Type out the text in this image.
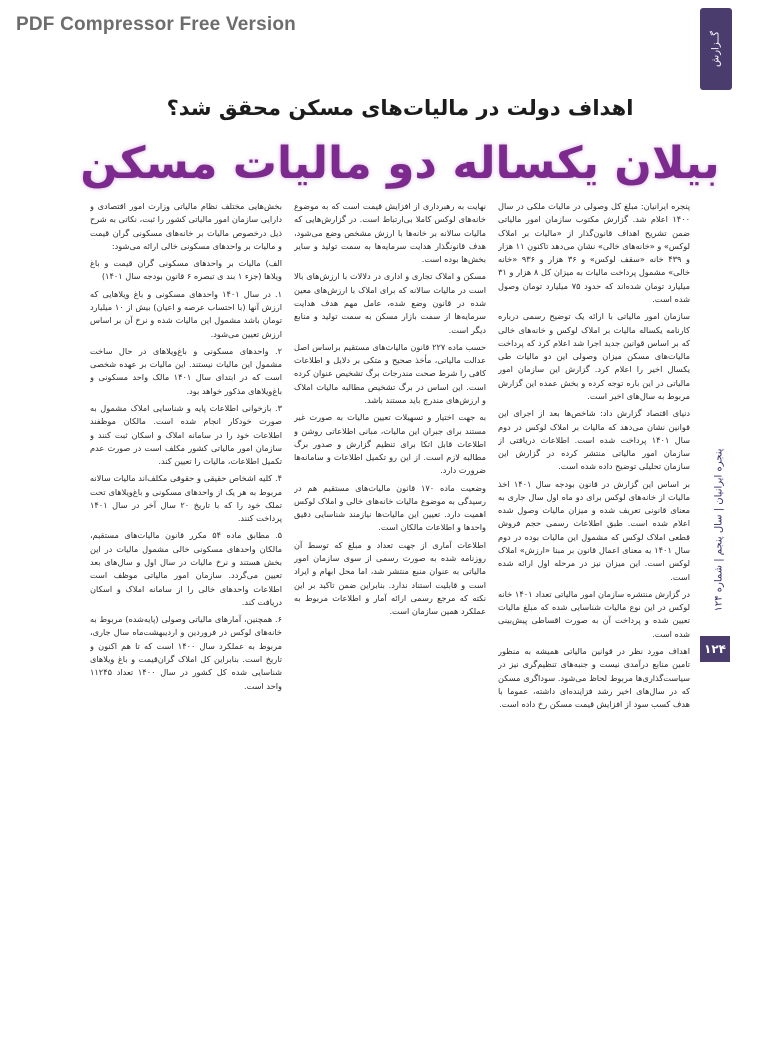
PDF Compressor Free Version
گــزارش
اهداف دولت در مالیات‌های مسکن محقق شد؟
بیلان یکساله دو مالیات مسکن
پنجره ایرانیان | سال پنجم | شماره ۱۲۴
۱۲۴

پنجره ایرانیان: مبلغ کل وصولی در مالیات ملکی در سال ۱۴۰۰ اعلام شد. گزارش مکتوب سازمان امور مالیاتی ضمن تشریح اهداف قانون‌گذار از «مالیات بر املاک لوکس» و «خانه‌های خالی» نشان می‌دهد تاکنون ۱۱ هزار و ۴۳۹ خانه «سقف لوکس» و ۳۶ هزار و ۹۳۶ «خانه خالی» مشمول پرداخت مالیات به میزان کل ۸ هزار و ۳۱ میلیارد تومان شده‌اند که حدود ۷۵ میلیارد تومان وصول شده است.

سازمان امور مالیاتی با ارائه یک توضیح رسمی درباره کارنامه یکساله مالیات بر املاک لوکس و خانه‌های خالی که بر اساس قوانین جدید اجرا شد اعلام کرد که پرداخت مالیات‌های مسکن میزان وصولی این دو مالیات طی یکسال اخیر را اعلام کرد. گزارش این سازمان امور مالیاتی در این باره توجه کرده و بخش عمده این گزارش مربوط به سال‌های اخیر است.

دنیای اقتصاد گزارش داد: شاخص‌ها بعد از اجرای این قوانین نشان می‌دهد که مالیات بر املاک لوکس در دوم سال ۱۴۰۱ پرداخت شده است. اطلاعات دریافتی از سازمان امور مالیاتی منتشر کرده در گزارش این سازمان تحلیلی توضیح داده شده است.

بر اساس این گزارش در قانون بودجه سال ۱۴۰۱ اخذ مالیات از خانه‌های لوکس برای دو ماه اول سال جاری به معنای قانونی تعریف شده و میزان مالیات وصول شده اعلام شده است. طبق اطلاعات رسمی حجم فروش قطعی املاک لوکس که مشمول این مالیات بوده در دوم سال ۱۴۰۱ به معنای اعمال قانون بر مبنا «ارزش» املاک لوکس است. این میزان نیز در مرحله اول ارائه شده است.

در گزارش منتشره سازمان امور مالیاتی تعداد ۱۴۰۱ خانه لوکس در این نوع مالیات شناسایی شده که مبلغ مالیات تعیین شده و پرداخت آن به صورت اقساطی پیش‌بینی شده است.

اهداف مورد نظر در قوانین مالیاتی همیشه به منظور تامین منابع درآمدی نیست و جنبه‌های تنظیم‌گری نیز در سیاست‌گذاری‌ها مربوط لحاظ می‌شود. سوداگری مسکن که در سال‌های اخیر رشد فزاینده‌ای داشته، عموما با هدف کسب سود از افزایش قیمت مسکن رخ داده است.

نهایت به رهبرداری از افزایش قیمت است که به موضوع خانه‌های لوکس کاملا بی‌ارتباط است. در گزارش‌هایی که مالیات سالانه بر خانه‌ها با ارزش مشخص وضع می‌شود، هدف قانونگذار هدایت سرمایه‌ها به سمت تولید و سایر بخش‌ها بوده است.

مسکن و املاک تجاری و اداری در دلالات با ارزش‌های بالا است در مالیات سالانه که برای املاک با ارزش‌های معین شده در قانون وضع شده، عامل مهم هدف هدایت سرمایه‌ها از سمت بازار مسکن به سمت تولید و منابع دیگر است.

حسب ماده ۲۲۷ قانون مالیات‌های مستقیم براساس اصل عدالت مالیاتی، مأخذ صحیح و متکی بر دلایل و اطلاعات کافی را شرط صحت مندرجات برگ تشخیص عنوان کرده است. این اساس در برگ تشخیص مطالبه مالیات املاک و ارزش‌های مندرج باید مستند باشد.

به جهت اختیار و تسهیلات تعیین مالیات به صورت غیر مستند برای جبران این مالیات، مبانی اطلاعاتی روشن و اطلاعات قابل اتکا برای تنظیم گزارش و صدور برگ مطالبه لازم است. از این رو تکمیل اطلاعات و سامانه‌ها ضرورت دارد.

وضعیت ماده ۱۷۰ قانون مالیات‌های مستقیم هم در رسیدگی به موضوع مالیات خانه‌های خالی و املاک لوکس اهمیت دارد. تعیین این مالیات‌ها نیازمند شناسایی دقیق واحدها و اطلاعات مالکان است.

اطلاعات آماری از جهت تعداد و مبلغ که توسط آن روزنامه شده به صورت رسمی از سوی سازمان امور مالیاتی به عنوان منبع منتشر شد، اما محل ابهام و ایراد است و قابلیت استناد ندارد. بنابراین ضمن تاکید بر این نکته که مرجع رسمی ارائه آمار و اطلاعات مربوط به عملکرد همین سازمان است.

بخش‌هایی مختلف نظام مالیاتی وزارت امور اقتصادی و دارایی سازمان امور مالیاتی کشور را ثبت، نکاتی به شرح ذیل درخصوص مالیات بر خانه‌های مسکونی گران قیمت و مالیات بر واحدهای مسکونی خالی ارائه می‌شود:

الف) مالیات بر واحدهای مسکونی گران قیمت و باغ ویلاها (جزء ۱ بند ی تبصره ۶ قانون بودجه سال ۱۴۰۱)

۱. در سال ۱۴۰۱ واحدهای مسکونی و باغ ویلاهایی که ارزش آنها (با احتساب عرصه و اعیان) بیش از ۱۰ میلیارد تومان باشد مشمول این مالیات شده و نرخ آن بر اساس ارزش تعیین می‌شود.

۲. واحدهای مسکونی و باغ‌ویلاهای در حال ساخت مشمول این مالیات نیستند. این مالیات بر عهده شخصی است که در ابتدای سال ۱۴۰۱ مالک واحد مسکونی و باغ‌ویلاهای مذکور خواهد بود.

۳. بازخوانی اطلاعات پایه و شناسایی املاک مشمول به صورت خودکار انجام شده است. مالکان موظفند اطلاعات خود را در سامانه املاک و اسکان ثبت کنند و سازمان امور مالیاتی کشور مکلف است در صورت عدم تکمیل اطلاعات، مالیات را تعیین کند.

۴. کلیه اشخاص حقیقی و حقوقی مکلف‌اند مالیات سالانه مربوط به هر یک از واحدهای مسکونی و باغ‌ویلاهای تحت تملک خود را که با تاریخ ۲۰ سال آخر در سال ۱۴۰۱ پرداخت کنند.

۵. مطابق ماده ۵۴ مکرر قانون مالیات‌های مستقیم، مالکان واحدهای مسکونی خالی مشمول مالیات در این بخش هستند و نرخ مالیات در سال اول و سال‌های بعد تعیین می‌گردد. سازمان امور مالیاتی موظف است اطلاعات واحدهای خالی را از سامانه املاک و اسکان دریافت کند.

۶. همچنین، آمارهای مالیاتی وصولی (پایه‌شده) مربوط به خانه‌های لوکس در فروردین و اردیبهشت‌ماه سال جاری، مربوط به عملکرد سال ۱۴۰۰ است که تا هم اکنون و تاریخ است. بنابراین کل املاک گران‌قیمت و باغ ویلاهای شناسایی شده کل کشور در سال ۱۴۰۰ تعداد ۱۱۲۴۵ واحد است.
